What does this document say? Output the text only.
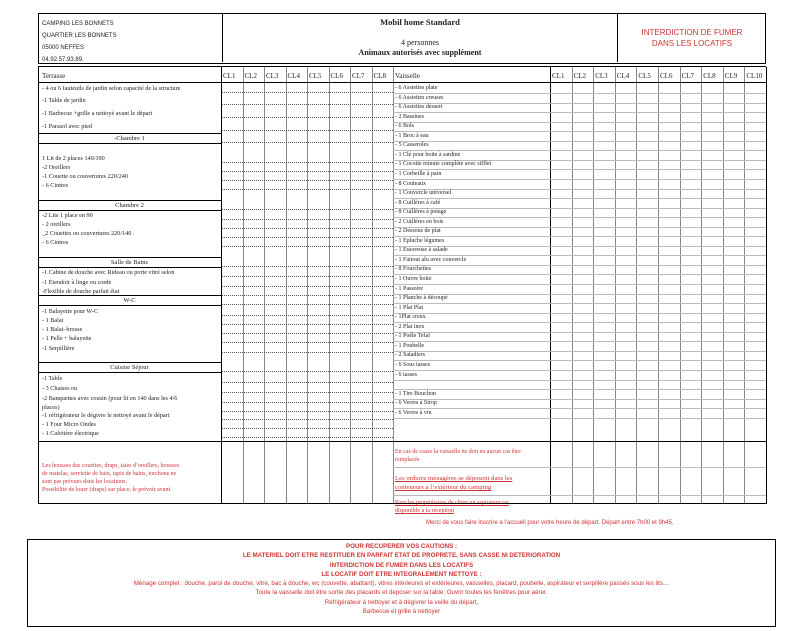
CAMPING LES BONNETS
QUARTIER LES BONNETS
05000 NEFFES
04.92.57.93.89.
Mobil home Standard
4 personnes
Animaux autorisés avec supplément
INTERDICTION DE FUMER
DANS LES LOCATIFS
Terrasse	CL1 CL2 CL3 CL4 CL5 CL6 CL7 CL8 Vaisselle	CL1 CL2 CL3 CL4 CL5 CL6 CL7 CL8 CL9 CL10
- 4 ou 6 fauteuils de jardin selon capacité de la structure
-1 Table de jardin
-1 Barbecue +grille a nettoyé avant le départ
-1 Parasol avec pied
-Chambre 1
1 Lit de 2 places 140/190
-2 Oreillers
-1 Couette ou couvertures 220/240
- 6 Cintres
Chambre 2
-2 Lits 1 place en 90
- 2 oreillers
_2 Couettes ou couvertures 220/140 .
- 6 Cintres
Salle de Bains
-1 Cabine de douche avec Rideau ou porte vitré selon
-1 Etendoir à linge ou corde
-Flexible de douche parfait état
W-C
-1 Balayette pour W-C
- 1 Balai
- 1 Balai–brosse
- 1 Pelle + balayette
-1 Serpillière
Cuisine Séjour
-1 Table
- 3 Chaises ou
-2 Banquettes avec cousin (pour lit en 140 dans les 4/6
places)
-1 réfrigérateur le dégivre le nettoyé avant le départ
- 1 Four Micro Ondes
- 1 Cafetière électrique
- 6 Assiettes plate
- 6 Assiettes creuses
- 6 Assiettes dessert
- 2 Bassines
- 6 Bols
- 1 Broc à eau
- 5 Casseroles
- 1 Clé pour boite à sardine
- 1 Cocotte minute complète avec sifflet
- 1 Corbeille à pain
- 8 Couteaux
- 1 Couvercle universel
- 8 Cuillères à café
- 8 Cuillères à potage
- 2 Cuillères en bois
- 2 Dessous de plat
- 1 Epluche légumes
- 1 Essoreuse à salade
- 1 Faitout alu avec couvercle
- 8 Fourchettes
- 1 Ouvre boite
- 1 Passoire
- 1 Planche à découpé
- 1 Plat Plat
- 1Plat creux
- 2 Plat inox
- 1 Poêle Tefal
- 1 Poubelle
- 2 Saladiers
- 6 Sous tasses
- 6 tasses
- 1 Tire Bouchon
- 6 Verres à Sirop
- 6 Verres à vin
Les housses des couettes, draps, taies d’oreillers, housses
de matelas, serviette de bain, tapis de bains, torchons ne
sont pas prévues dans les locations.
Possibilité de louer (draps) sur place, le prévoir avant.
En cas de casse la vaisselle ne doit en aucun cas être
remplacée
Les ordures ménagères se déposent dans les
conteneurs a l’extérieur du camping
Pour les propriétaires de chien un aspirateur est
disponible a la réception
Merci de vous faire inscrire a l’accueil pour votre heure de départ. Départ entre 7h00 et 9h45.
POUR RECUPERER VOS CAUTIONS :
LE MATERIEL DOIT ETRE RESTITUER EN PARFAIT ETAT DE PROPRETE, SANS CASSE NI DETERIORATION
INTERDICTION DE FUMER DANS LES LOCATIFS
LE LOCATIF DOIT ETRE INTEGRALEMENT NETTOYE :
Ménage complet : douche, paroi de douche, vitre, bac à douche, wc (couvette, abattant), vitres interieures et extérieures, vaisselles, placard, poubelle, aspirateur et serpillère passés sous les lits…
Toute la vaisselle doit être sortie des placards et deposer sur la table. Ouvrir toutes les fenêtres pour aérer.
Réfrigérateur à nettoyer et à dégivrer la veille du départ,
Barbecue et grille à nettoyer
